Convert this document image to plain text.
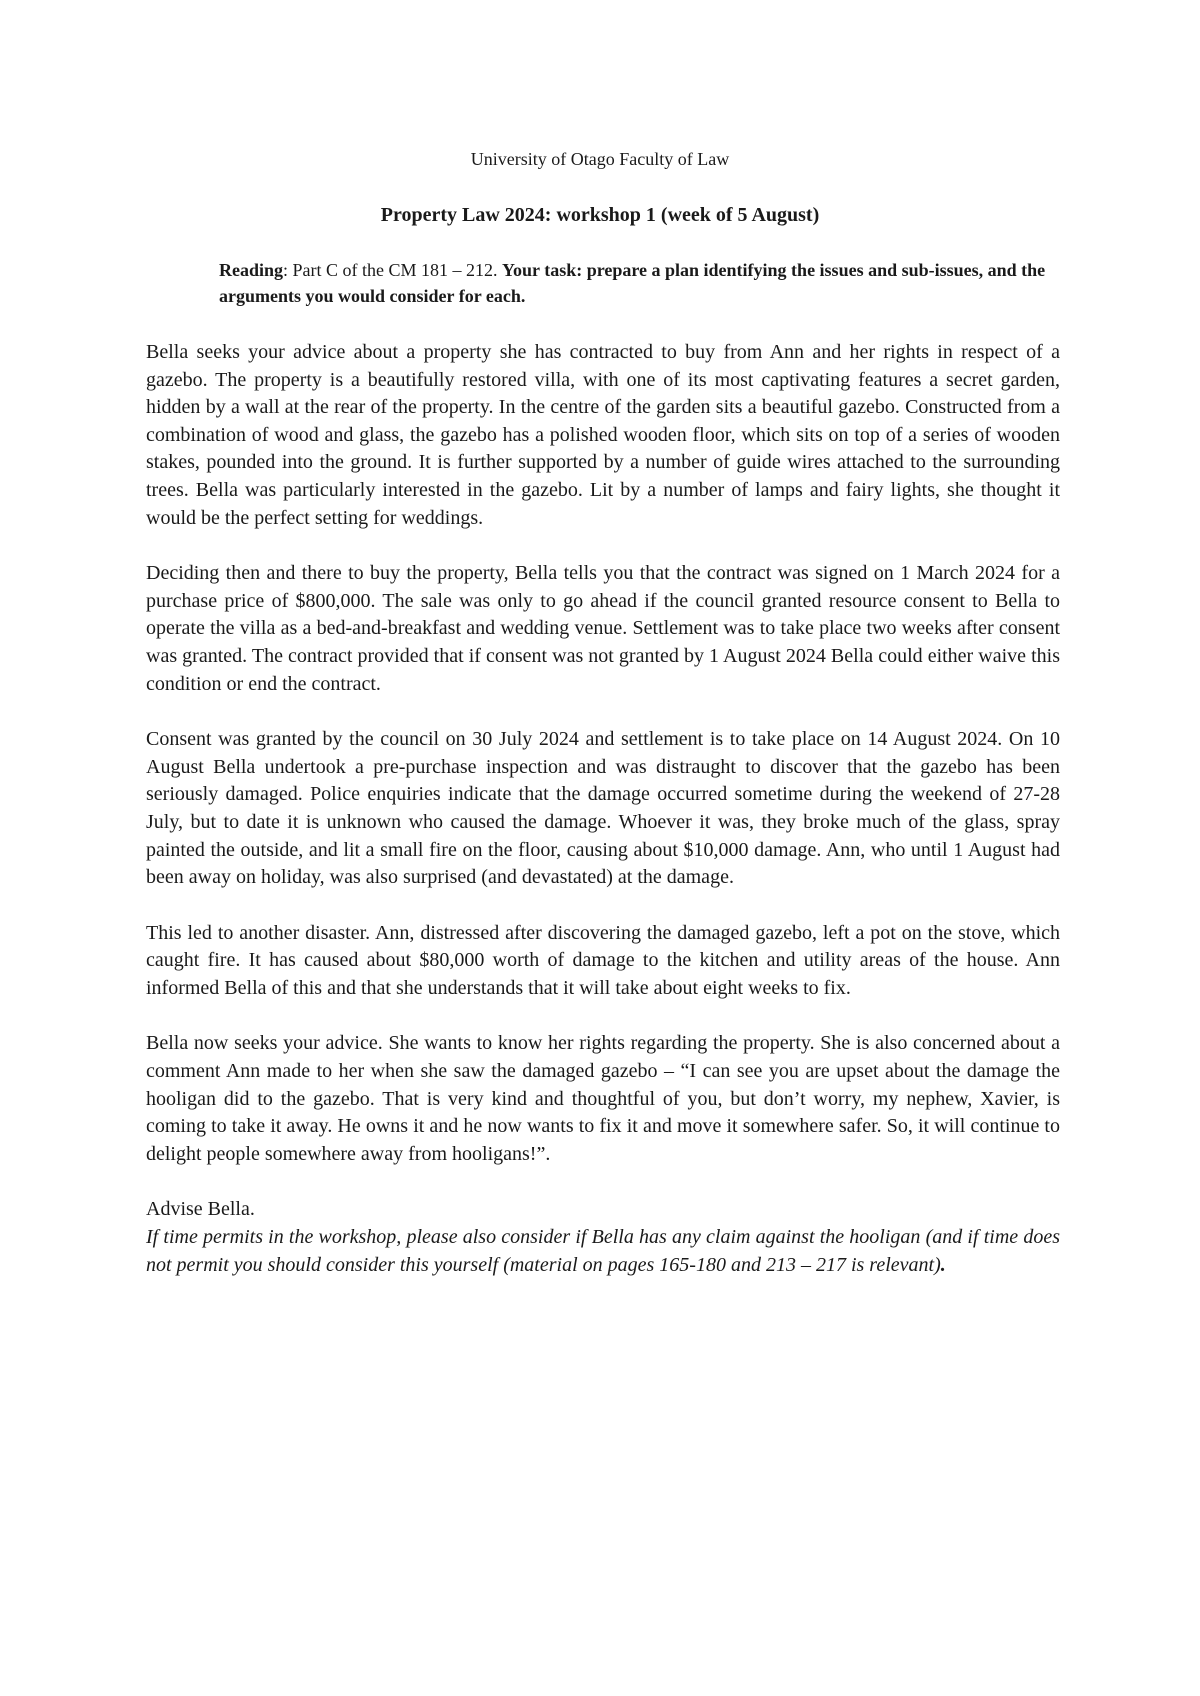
University of Otago Faculty of Law
Property Law 2024: workshop 1 (week of 5 August)
Reading: Part C of the CM 181 – 212. Your task: prepare a plan identifying the issues and sub-issues, and the arguments you would consider for each.

Bella seeks your advice about a property she has contracted to buy from Ann and her rights in respect of a gazebo. The property is a beautifully restored villa, with one of its most captivating features a secret garden, hidden by a wall at the rear of the property. In the centre of the garden sits a beautiful gazebo. Constructed from a combination of wood and glass, the gazebo has a polished wooden floor, which sits on top of a series of wooden stakes, pounded into the ground. It is further supported by a number of guide wires attached to the surrounding trees. Bella was particularly interested in the gazebo. Lit by a number of lamps and fairy lights, she thought it would be the perfect setting for weddings.

Deciding then and there to buy the property, Bella tells you that the contract was signed on 1 March 2024 for a purchase price of $800,000. The sale was only to go ahead if the council granted resource consent to Bella to operate the villa as a bed-and-breakfast and wedding venue. Settlement was to take place two weeks after consent was granted. The contract provided that if consent was not granted by 1 August 2024 Bella could either waive this condition or end the contract.

Consent was granted by the council on 30 July 2024 and settlement is to take place on 14 August 2024. On 10 August Bella undertook a pre-purchase inspection and was distraught to discover that the gazebo has been seriously damaged. Police enquiries indicate that the damage occurred sometime during the weekend of 27-28 July, but to date it is unknown who caused the damage. Whoever it was, they broke much of the glass, spray painted the outside, and lit a small fire on the floor, causing about $10,000 damage. Ann, who until 1 August had been away on holiday, was also surprised (and devastated) at the damage.

This led to another disaster. Ann, distressed after discovering the damaged gazebo, left a pot on the stove, which caught fire. It has caused about $80,000 worth of damage to the kitchen and utility areas of the house. Ann informed Bella of this and that she understands that it will take about eight weeks to fix.

Bella now seeks your advice. She wants to know her rights regarding the property. She is also concerned about a comment Ann made to her when she saw the damaged gazebo – “I can see you are upset about the damage the hooligan did to the gazebo. That is very kind and thoughtful of you, but don’t worry, my nephew, Xavier, is coming to take it away. He owns it and he now wants to fix it and move it somewhere safer. So, it will continue to delight people somewhere away from hooligans!”.

Advise Bella.

If time permits in the workshop, please also consider if Bella has any claim against the hooligan (and if time does not permit you should consider this yourself (material on pages 165-180 and 213 – 217 is relevant).
